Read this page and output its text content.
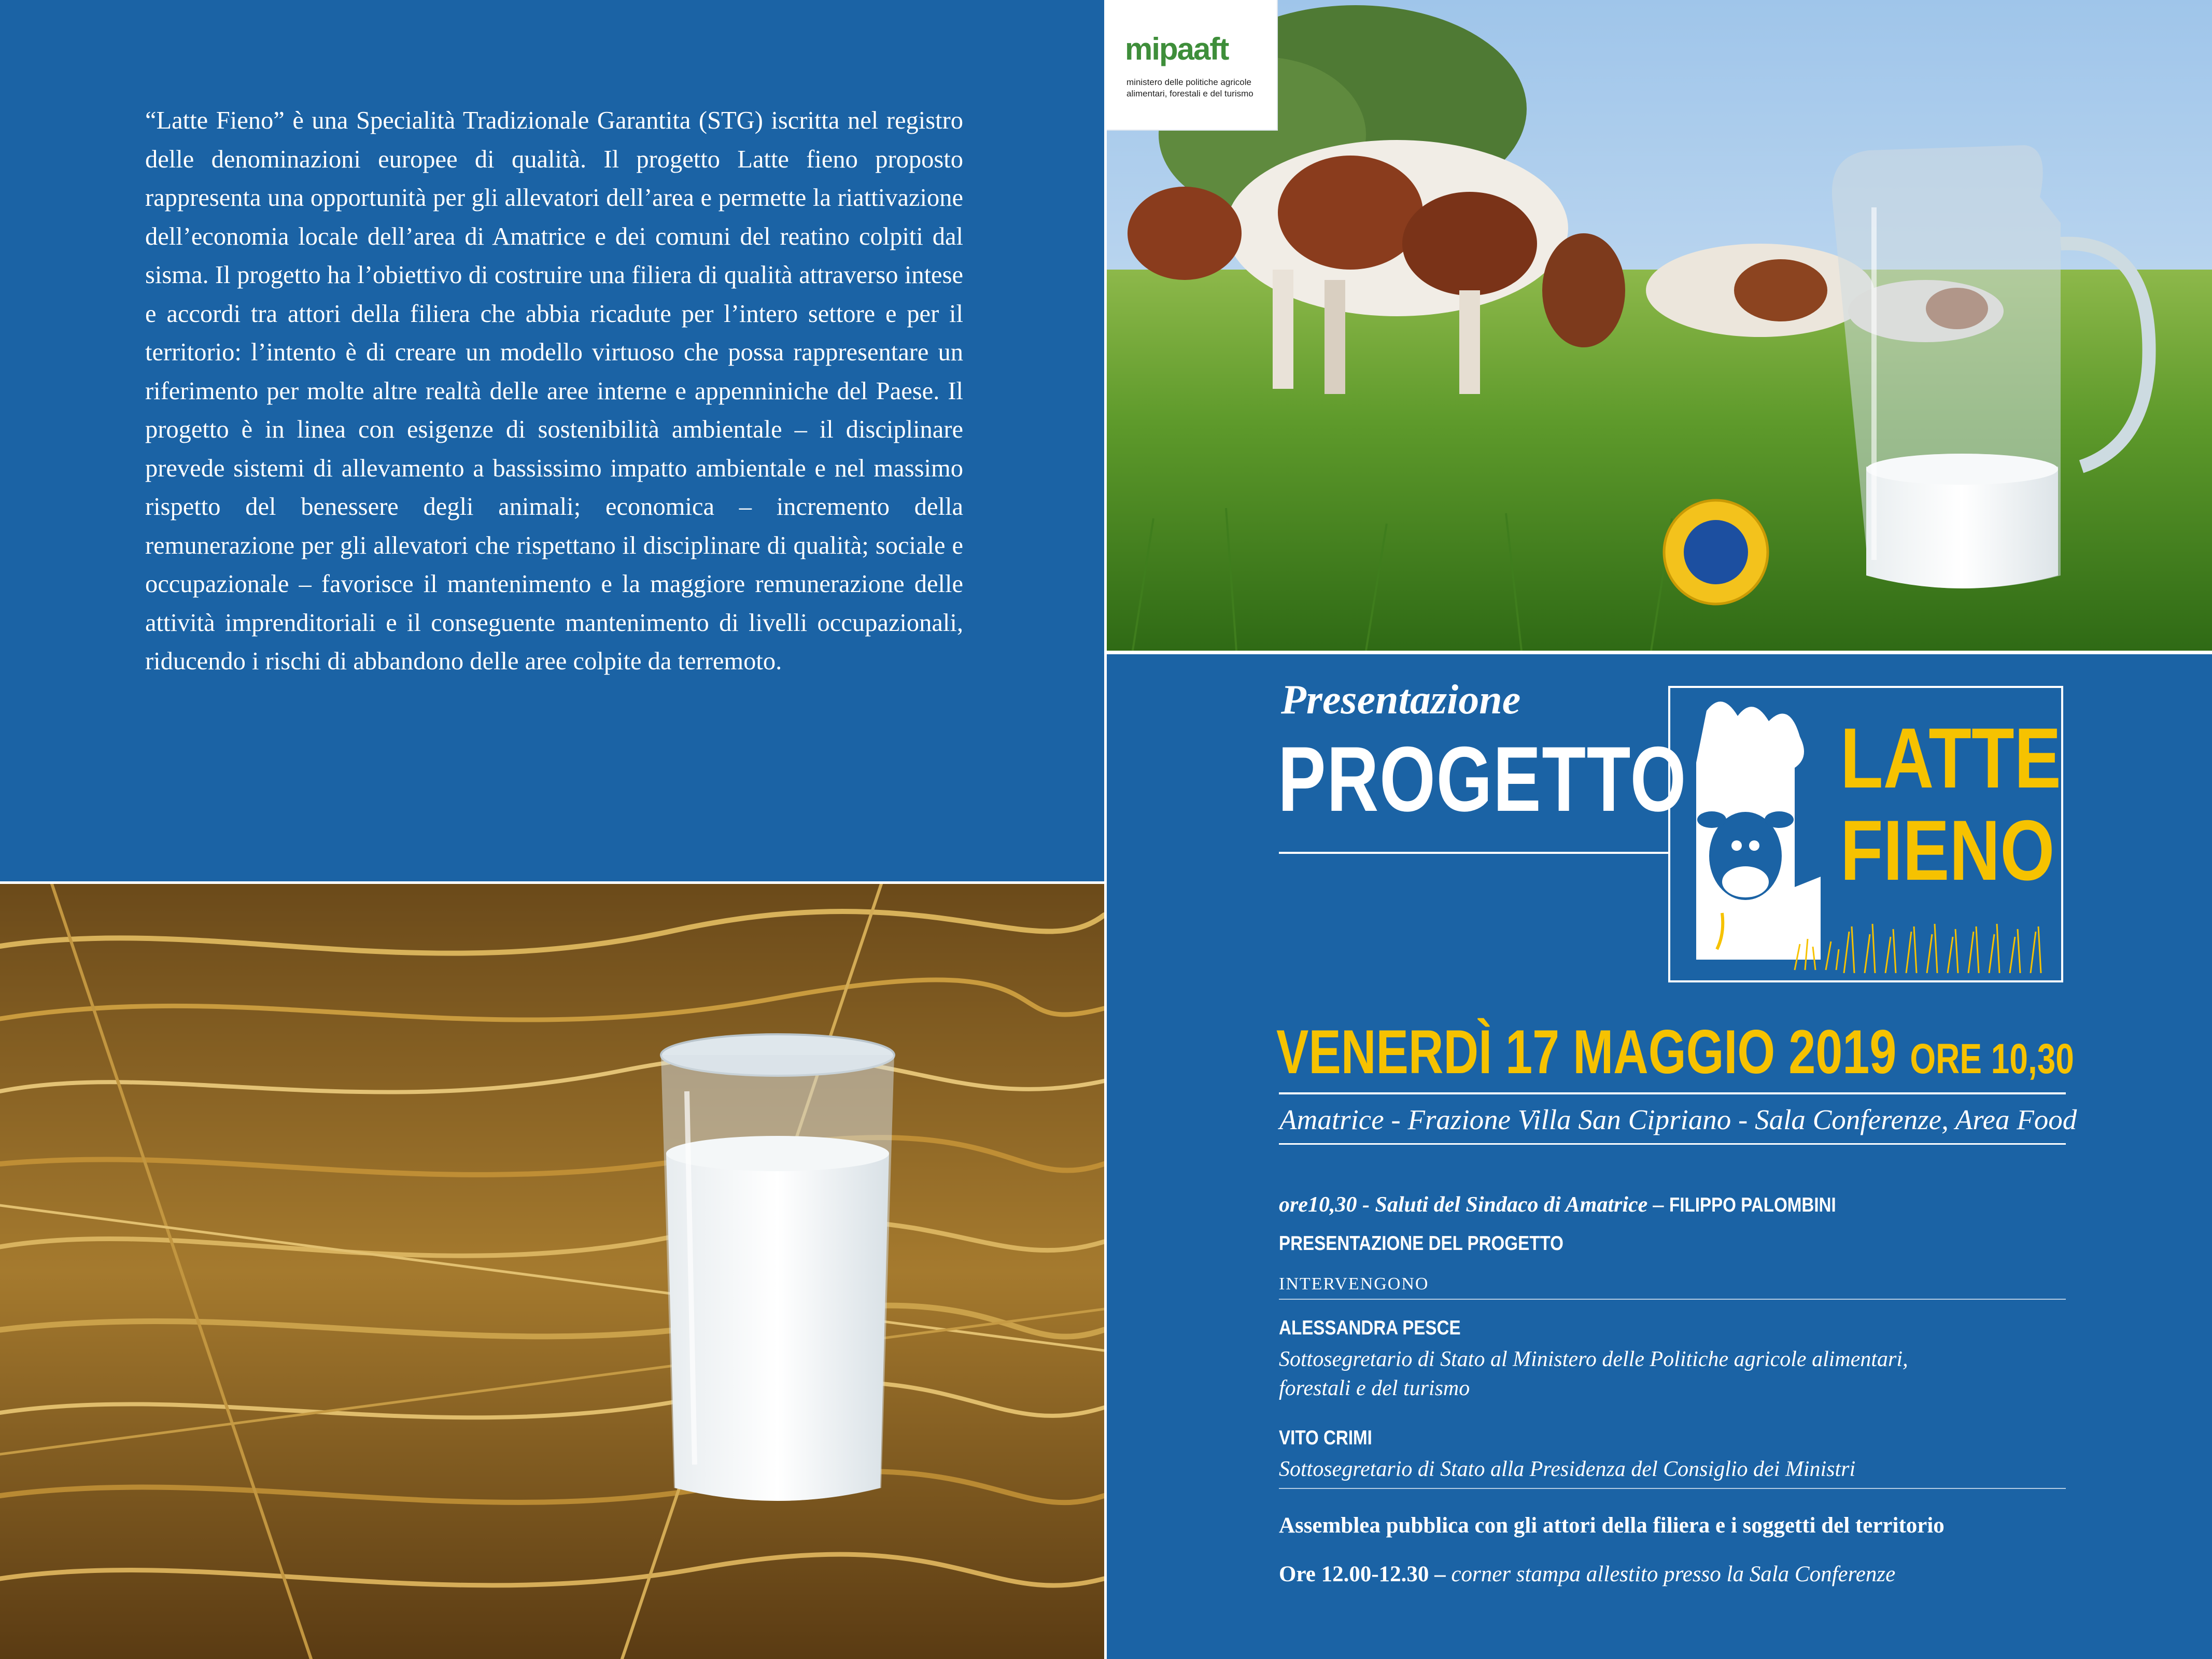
“Latte Fieno” è una Specialità Tradizionale Garantita (STG) iscritta nel registro delle denominazioni europee di qualità. Il progetto Latte fieno proposto rappresenta una opportunità per gli allevatori dell’area e permette la riattivazione dell’economia locale dell’area di Amatrice e dei comuni del reatino colpiti dal sisma. Il progetto ha l’obiettivo di costruire una filiera di qualità attraverso intese e accordi tra attori della filiera che abbia ricadute per l’intero settore e per il territorio: l’intento è di creare un modello virtuoso che possa rappresentare un riferimento per molte altre realtà delle aree interne e appenniniche del Paese. Il progetto è in linea con esigenze di sostenibilità ambientale – il disciplinare prevede sistemi di allevamento a bassissimo impatto ambientale e nel massimo rispetto del benessere degli animali; economica – incremento della remunerazione per gli allevatori che rispettano il disciplinare di qualità; sociale e occupazionale – favorisce il mantenimento e la maggiore remunerazione delle attività imprenditoriali e il conseguente mantenimento di livelli occupazionali, riducendo i rischi di abbandono delle aree colpite da terremoto.
mipaaft
ministero delle politiche agricole alimentari, forestali e del turismo
Presentazione
PROGETTO LATTE
FIENO
VENERDÌ 17 MAGGIO 2019 ORE 10,30
Amatrice - Frazione Villa San Cipriano - Sala Conferenze, Area Food
ore10,30 - Saluti del Sindaco di Amatrice – FILIPPO PALOMBINI
PRESENTAZIONE DEL PROGETTO
INTERVENGONO
ALESSANDRA PESCE
Sottosegretario di Stato al Ministero delle Politiche agricole alimentari,
forestali e del turismo
VITO CRIMI
Sottosegretario di Stato alla Presidenza del Consiglio dei Ministri
Assemblea pubblica con gli attori della filiera e i soggetti del territorio
Ore 12.00-12.30 – corner stampa allestito presso la Sala Conferenze
